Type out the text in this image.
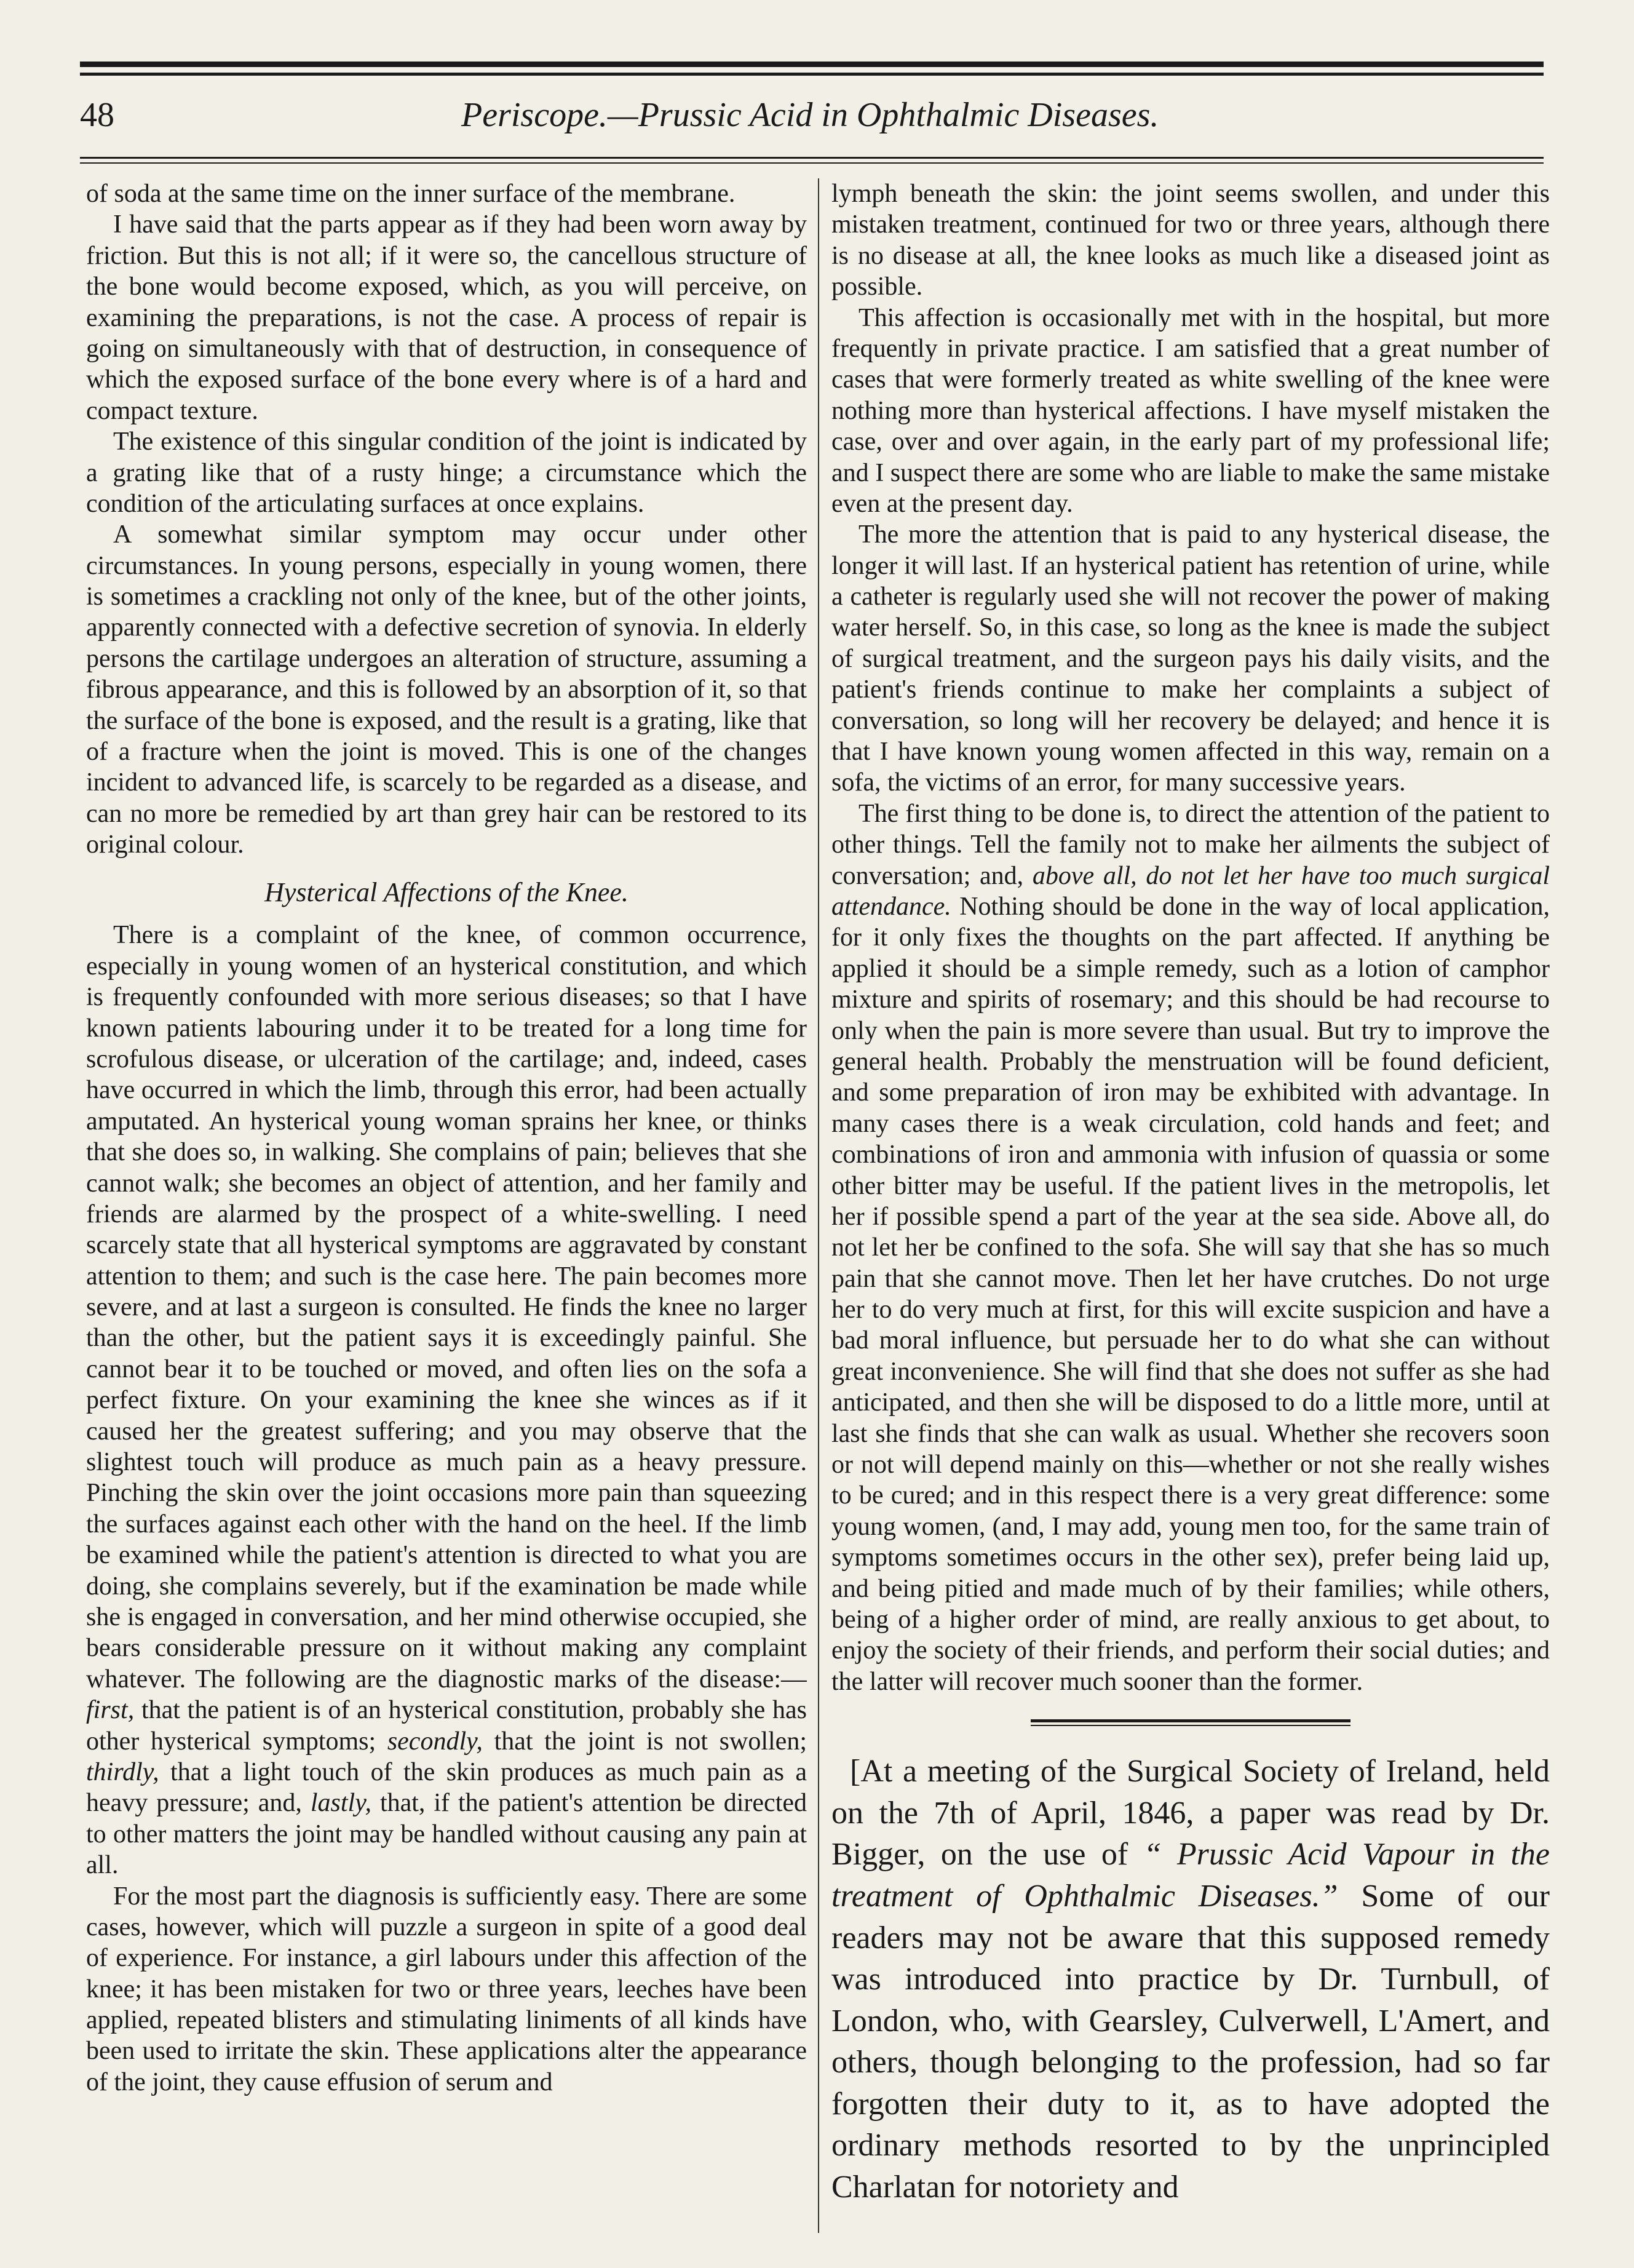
48	Periscope.—Prussic Acid in Ophthalmic Diseases.

of soda at the same time on the inner surface of the membrane.

I have said that the parts appear as if they had been worn away by friction. But this is not all; if it were so, the cancellous structure of the bone would become exposed, which, as you will perceive, on examining the preparations, is not the case. A process of repair is going on simultaneously with that of destruction, in consequence of which the exposed surface of the bone every where is of a hard and compact texture.

The existence of this singular condition of the joint is indicated by a grating like that of a rusty hinge; a circumstance which the condition of the articulating surfaces at once explains.

A somewhat similar symptom may occur under other circumstances. In young persons, especially in young women, there is sometimes a crackling not only of the knee, but of the other joints, apparently connected with a defective secretion of synovia. In elderly persons the cartilage undergoes an alteration of structure, assuming a fibrous appearance, and this is followed by an absorption of it, so that the surface of the bone is exposed, and the result is a grating, like that of a fracture when the joint is moved. This is one of the changes incident to advanced life, is scarcely to be regarded as a disease, and can no more be remedied by art than grey hair can be restored to its original colour.

Hysterical Affections of the Knee.

There is a complaint of the knee, of common occurrence, especially in young women of an hysterical constitution, and which is frequently confounded with more serious diseases; so that I have known patients labouring under it to be treated for a long time for scrofulous disease, or ulceration of the cartilage; and, indeed, cases have occurred in which the limb, through this error, had been actually amputated. An hysterical young woman sprains her knee, or thinks that she does so, in walking. She complains of pain; believes that she cannot walk; she becomes an object of attention, and her family and friends are alarmed by the prospect of a white-swelling. I need scarcely state that all hysterical symptoms are aggravated by constant attention to them; and such is the case here. The pain becomes more severe, and at last a surgeon is consulted. He finds the knee no larger than the other, but the patient says it is exceedingly painful. She cannot bear it to be touched or moved, and often lies on the sofa a perfect fixture. On your examining the knee she winces as if it caused her the greatest suffering; and you may observe that the slightest touch will produce as much pain as a heavy pressure. Pinching the skin over the joint occasions more pain than squeezing the surfaces against each other with the hand on the heel. If the limb be examined while the patient's attention is directed to what you are doing, she complains severely, but if the examination be made while she is engaged in conversation, and her mind otherwise occupied, she bears considerable pressure on it without making any complaint whatever. The following are the diagnostic marks of the disease:—first, that the patient is of an hysterical constitution, probably she has other hysterical symptoms; secondly, that the joint is not swollen; thirdly, that a light touch of the skin produces as much pain as a heavy pressure; and, lastly, that, if the patient's attention be directed to other matters the joint may be handled without causing any pain at all.

For the most part the diagnosis is sufficiently easy. There are some cases, however, which will puzzle a surgeon in spite of a good deal of experience. For instance, a girl labours under this affection of the knee; it has been mistaken for two or three years, leeches have been applied, repeated blisters and stimulating liniments of all kinds have been used to irritate the skin. These applications alter the appearance of the joint, they cause effusion of serum and

lymph beneath the skin: the joint seems swollen, and under this mistaken treatment, continued for two or three years, although there is no disease at all, the knee looks as much like a diseased joint as possible.

This affection is occasionally met with in the hospital, but more frequently in private practice. I am satisfied that a great number of cases that were formerly treated as white swelling of the knee were nothing more than hysterical affections. I have myself mistaken the case, over and over again, in the early part of my professional life; and I suspect there are some who are liable to make the same mistake even at the present day.

The more the attention that is paid to any hysterical disease, the longer it will last. If an hysterical patient has retention of urine, while a catheter is regularly used she will not recover the power of making water herself. So, in this case, so long as the knee is made the subject of surgical treatment, and the surgeon pays his daily visits, and the patient's friends continue to make her complaints a subject of conversation, so long will her recovery be delayed; and hence it is that I have known young women affected in this way, remain on a sofa, the victims of an error, for many successive years.

The first thing to be done is, to direct the attention of the patient to other things. Tell the family not to make her ailments the subject of conversation; and, above all, do not let her have too much surgical attendance. Nothing should be done in the way of local application, for it only fixes the thoughts on the part affected. If anything be applied it should be a simple remedy, such as a lotion of camphor mixture and spirits of rosemary; and this should be had recourse to only when the pain is more severe than usual. But try to improve the general health. Probably the menstruation will be found deficient, and some preparation of iron may be exhibited with advantage. In many cases there is a weak circulation, cold hands and feet; and combinations of iron and ammonia with infusion of quassia or some other bitter may be useful. If the patient lives in the metropolis, let her if possible spend a part of the year at the sea side. Above all, do not let her be confined to the sofa. She will say that she has so much pain that she cannot move. Then let her have crutches. Do not urge her to do very much at first, for this will excite suspicion and have a bad moral influence, but persuade her to do what she can without great inconvenience. She will find that she does not suffer as she had anticipated, and then she will be disposed to do a little more, until at last she finds that she can walk as usual. Whether she recovers soon or not will depend mainly on this—whether or not she really wishes to be cured; and in this respect there is a very great difference: some young women, (and, I may add, young men too, for the same train of symptoms sometimes occurs in the other sex), prefer being laid up, and being pitied and made much of by their families; while others, being of a higher order of mind, are really anxious to get about, to enjoy the society of their friends, and perform their social duties; and the latter will recover much sooner than the former.

[At a meeting of the Surgical Society of Ireland, held on the 7th of April, 1846, a paper was read by Dr. Bigger, on the use of “ Prussic Acid Vapour in the treatment of Ophthalmic Diseases.” Some of our readers may not be aware that this supposed remedy was introduced into practice by Dr. Turnbull, of London, who, with Gearsley, Culverwell, L'Amert, and others, though belonging to the profession, had so far forgotten their duty to it, as to have adopted the ordinary methods resorted to by the unprincipled Charlatan for notoriety and
